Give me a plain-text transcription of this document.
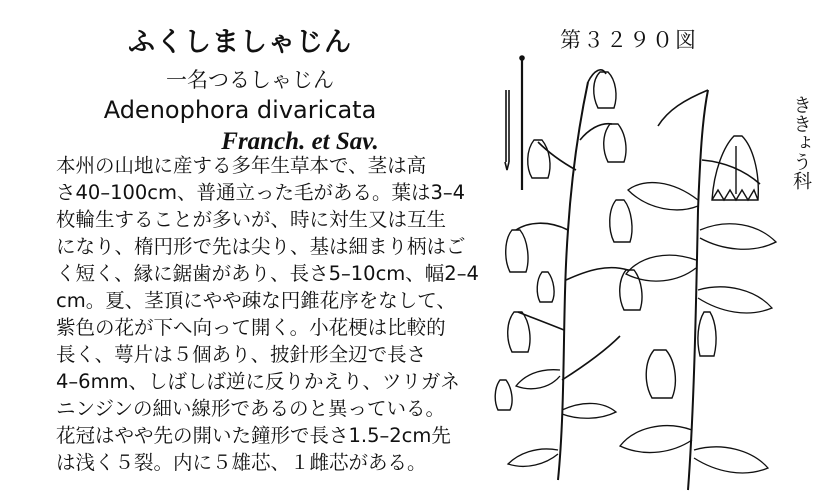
ふくしましゃじん
一名つるしゃじん
Adenophora divaricata
Franch. et Sav.
第３２９０図
ききょう科
本州の山地に産する多年生草本で、茎は高
さ40–100cm、普通立った毛がある。葉は3–4
枚輪生することが多いが、時に対生又は互生
になり、楕円形で先は尖り、基は細まり柄はご
く短く、縁に鋸歯があり、長さ5–10cm、幅2–4
cm。夏、茎頂にやや疎な円錐花序をなして、
紫色の花が下へ向って開く。小花梗は比較的
長く、萼片は５個あり、披針形全辺で長さ
4–6mm、しばしば逆に反りかえり、ツリガネ
ニンジンの細い線形であるのと異っている。
花冠はやや先の開いた鐘形で長さ1.5–2cm先
は浅く５裂。内に５雄芯、１雌芯がある。
